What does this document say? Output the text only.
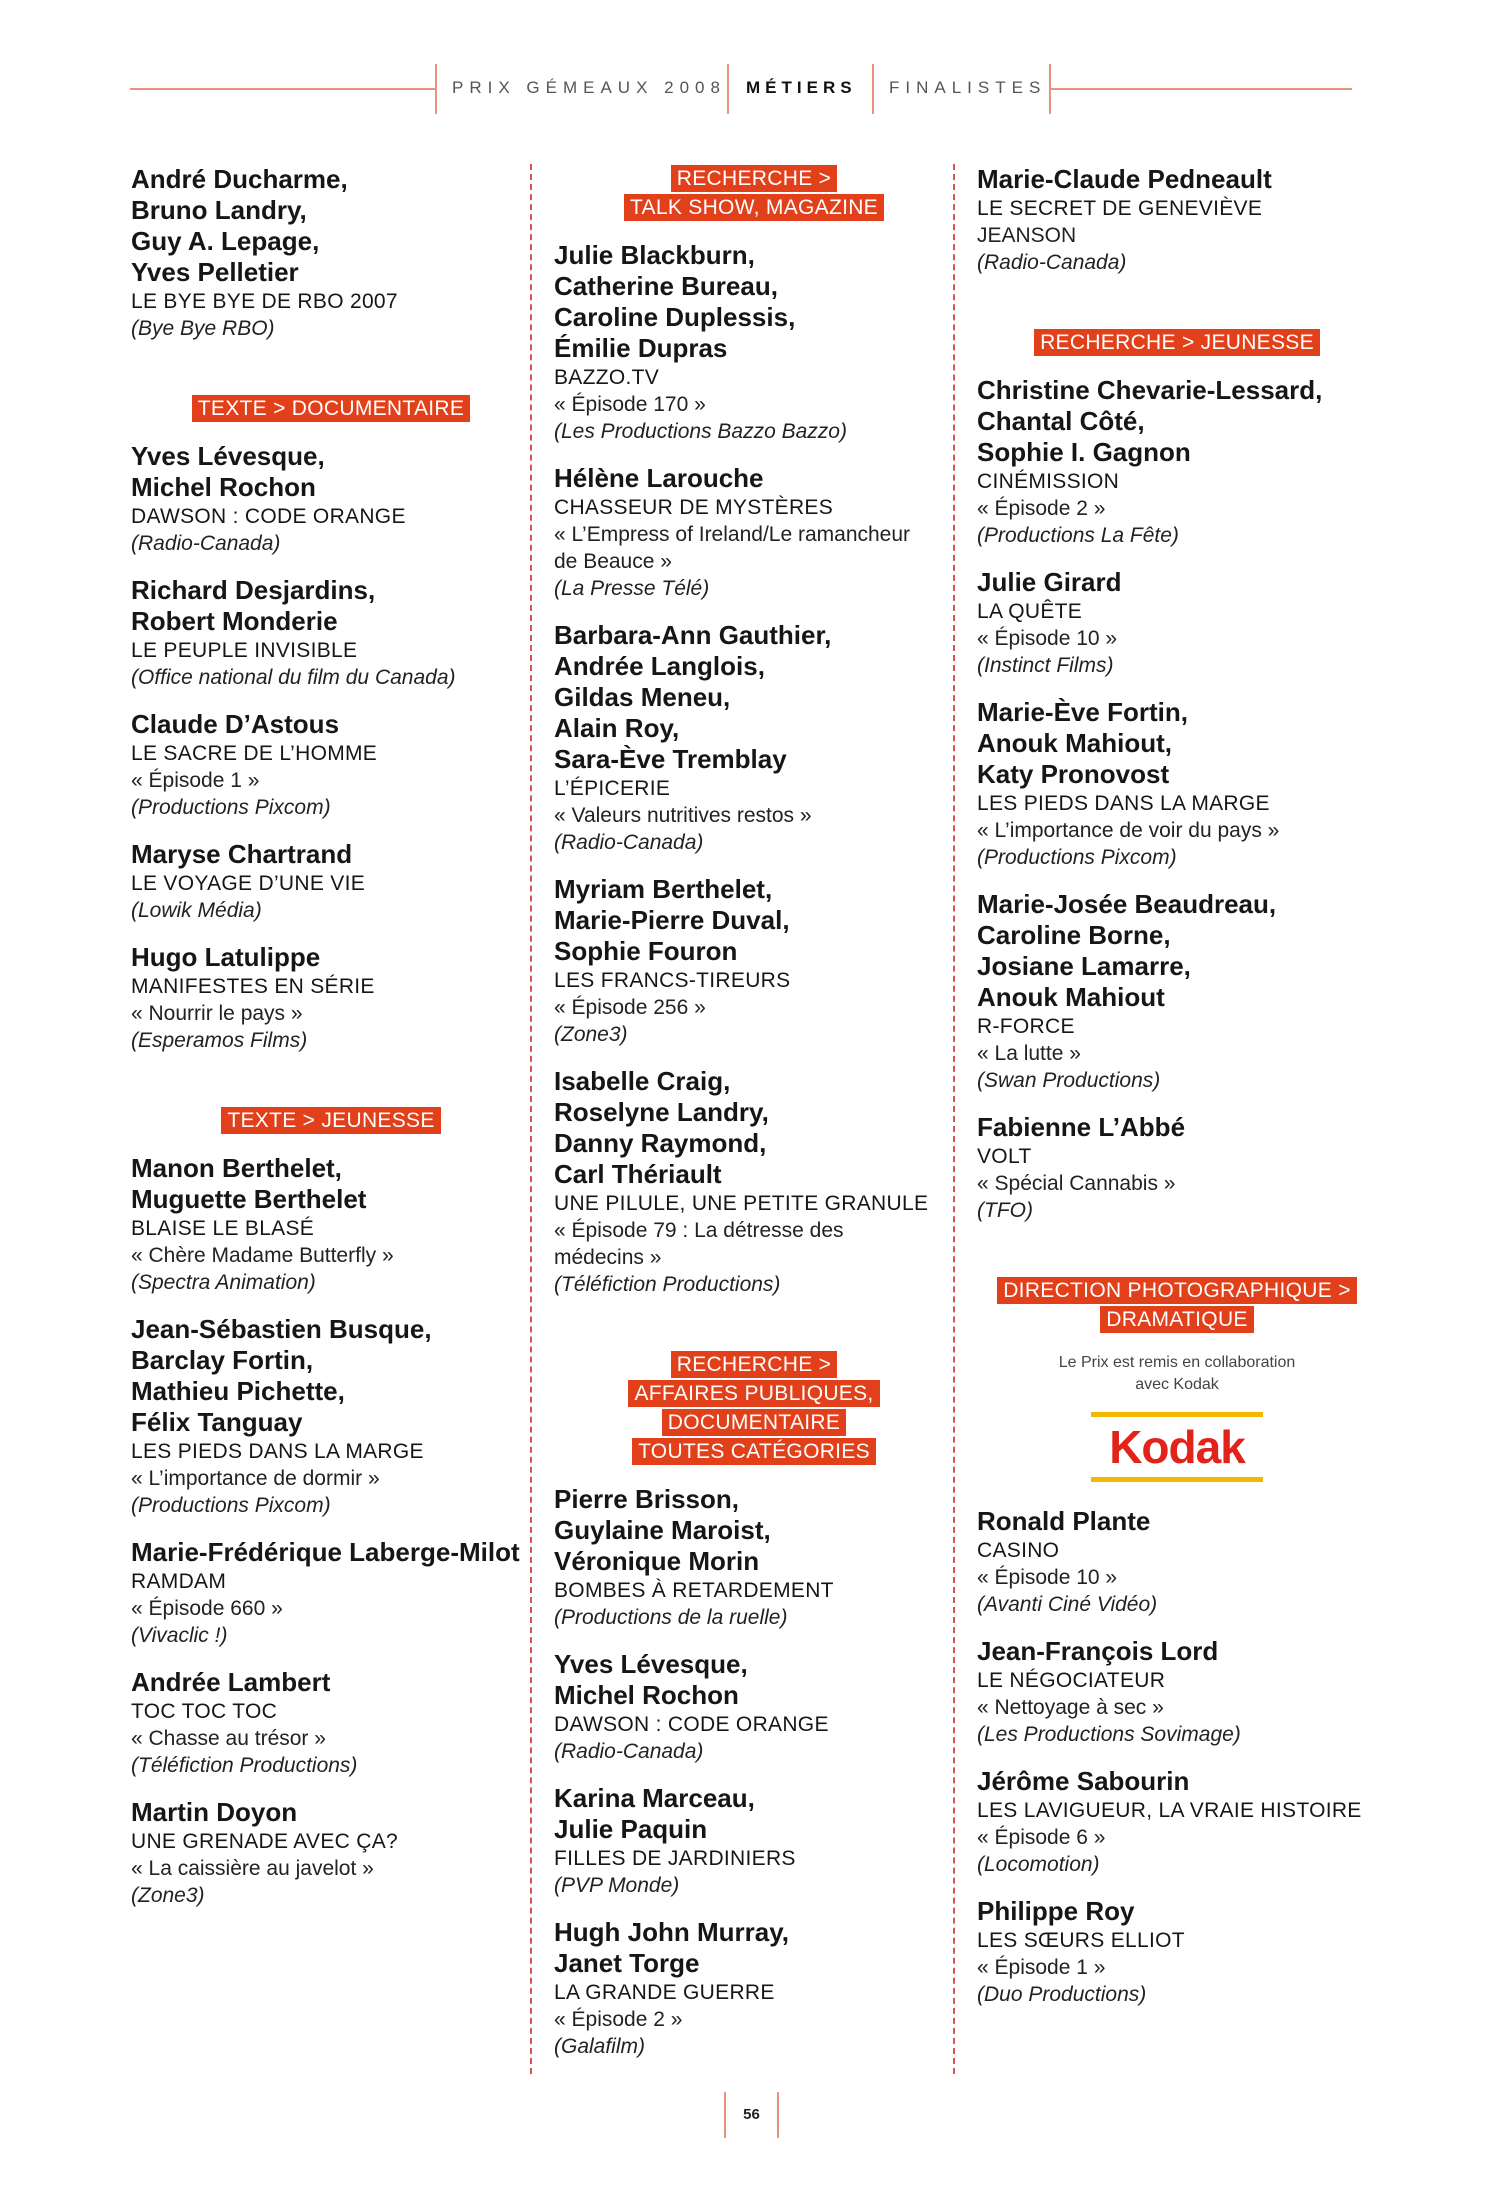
PRIX GÉMEAUX 2008 MÉTIERS FINALISTES
André Ducharme,
Bruno Landry,
Guy A. Lepage,
Yves Pelletier
LE BYE BYE DE RBO 2007
(Bye Bye RBO)
TEXTE > DOCUMENTAIRE

Yves Lévesque,
Michel Rochon
DAWSON : CODE ORANGE
(Radio-Canada)
Richard Desjardins,
Robert Monderie
LE PEUPLE INVISIBLE
(Office national du film du Canada)
Claude D’Astous
LE SACRE DE L’HOMME
« Épisode 1 »
(Productions Pixcom)
Maryse Chartrand
LE VOYAGE D’UNE VIE
(Lowik Média)
Hugo Latulippe
MANIFESTES EN SÉRIE
« Nourrir le pays »
(Esperamos Films)
TEXTE > JEUNESSE

Manon Berthelet,
Muguette Berthelet
BLAISE LE BLASÉ
« Chère Madame Butterfly »
(Spectra Animation)
Jean-Sébastien Busque,
Barclay Fortin,
Mathieu Pichette,
Félix Tanguay
LES PIEDS DANS LA MARGE
« L’importance de dormir »
(Productions Pixcom)
Marie-Frédérique Laberge-Milot
RAMDAM
« Épisode 660 »
(Vivaclic !)
Andrée Lambert
TOC TOC TOC
« Chasse au trésor »
(Téléfiction Productions)
Martin Doyon
UNE GRENADE AVEC ÇA?
« La caissière au javelot »
(Zone3)
RECHERCHE >
TALK SHOW, MAGAZINE

Julie Blackburn,
Catherine Bureau,
Caroline Duplessis,
Émilie Dupras
BAZZO.TV
« Épisode 170 »
(Les Productions Bazzo Bazzo)
Hélène Larouche
CHASSEUR DE MYSTÈRES
« L’Empress of Ireland/Le ramancheur
de Beauce »
(La Presse Télé)
Barbara-Ann Gauthier,
Andrée Langlois,
Gildas Meneu,
Alain Roy,
Sara-Ève Tremblay
L’ÉPICERIE
« Valeurs nutritives restos »
(Radio-Canada)
Myriam Berthelet,
Marie-Pierre Duval,
Sophie Fouron
LES FRANCS-TIREURS
« Épisode 256 »
(Zone3)
Isabelle Craig,
Roselyne Landry,
Danny Raymond,
Carl Thériault
UNE PILULE, UNE PETITE GRANULE
« Épisode 79 : La détresse des
médecins »
(Téléfiction Productions)
RECHERCHE >
AFFAIRES PUBLIQUES,
DOCUMENTAIRE
TOUTES CATÉGORIES

Pierre Brisson,
Guylaine Maroist,
Véronique Morin
BOMBES À RETARDEMENT
(Productions de la ruelle)
Yves Lévesque,
Michel Rochon
DAWSON : CODE ORANGE
(Radio-Canada)
Karina Marceau,
Julie Paquin
FILLES DE JARDINIERS
(PVP Monde)
Hugh John Murray,
Janet Torge
LA GRANDE GUERRE
« Épisode 2 »
(Galafilm)
Marie-Claude Pedneault
LE SECRET DE GENEVIÈVE
JEANSON
(Radio-Canada)
RECHERCHE > JEUNESSE

Christine Chevarie-Lessard,
Chantal Côté,
Sophie I. Gagnon
CINÉMISSION
« Épisode 2 »
(Productions La Fête)
Julie Girard
LA QUÊTE
« Épisode 10 »
(Instinct Films)
Marie-Ève Fortin,
Anouk Mahiout,
Katy Pronovost
LES PIEDS DANS LA MARGE
« L’importance de voir du pays »
(Productions Pixcom)
Marie-Josée Beaudreau,
Caroline Borne,
Josiane Lamarre,
Anouk Mahiout
R-FORCE
« La lutte »
(Swan Productions)
Fabienne L’Abbé
VOLT
« Spécial Cannabis »
(TFO)
DIRECTION PHOTOGRAPHIQUE >
DRAMATIQUE

Le Prix est remis en collaboration
avec Kodak
Kodak
Ronald Plante
CASINO
« Épisode 10 »
(Avanti Ciné Vidéo)
Jean-François Lord
LE NÉGOCIATEUR
« Nettoyage à sec »
(Les Productions Sovimage)
Jérôme Sabourin
LES LAVIGUEUR, LA VRAIE HISTOIRE
« Épisode 6 »
(Locomotion)
Philippe Roy
LES SŒURS ELLIOT
« Épisode 1 »
(Duo Productions)
56
